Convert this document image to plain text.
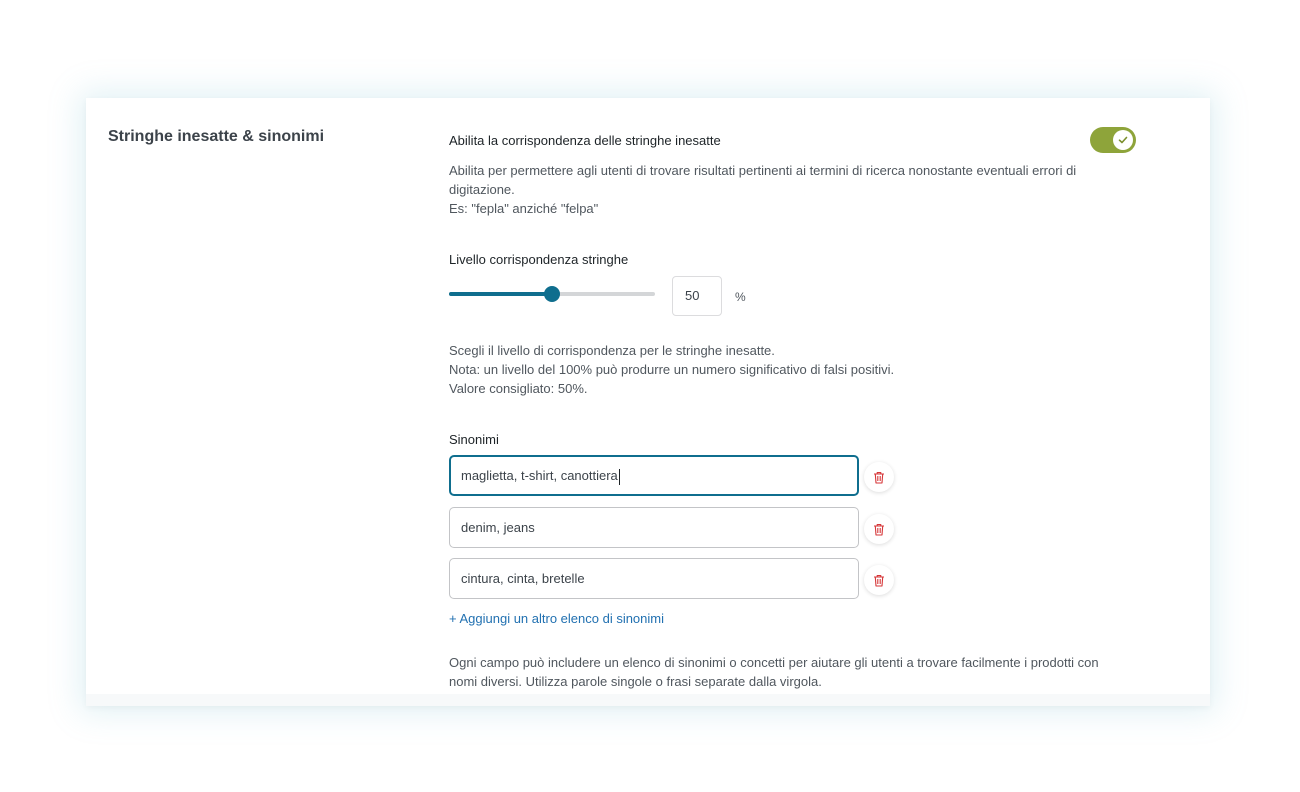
Stringhe inesatte & sinonimi	Abilita la corrispondenza delle stringhe inesatte
Abilita per permettere agli utenti di trovare risultati pertinenti ai termini di ricerca nonostante eventuali errori di
digitazione.
Es: "fepla" anziché "felpa"
Livello corrispondenza stringhe
50	%
Scegli il livello di corrispondenza per le stringhe inesatte.
Nota: un livello del 100% può produrre un numero significativo di falsi positivi.
Valore consigliato: 50%.
Sinonimi
maglietta, t-shirt, canottiera
denim, jeans
cintura, cinta, bretelle
+ Aggiungi un altro elenco di sinonimi
Ogni campo può includere un elenco di sinonimi o concetti per aiutare gli utenti a trovare facilmente i prodotti con
nomi diversi. Utilizza parole singole o frasi separate dalla virgola.
